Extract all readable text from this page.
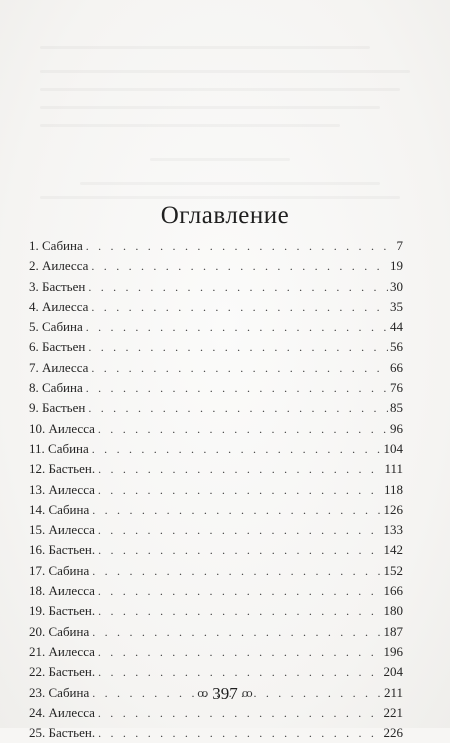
Оглавление
1. Сабина . . .	7
2. Аилесса . . .	19
3. Бастьен . . .	30
4. Аилесса . . .	35
5. Сабина . . .	44
6. Бастьен . . .	56
7. Аилесса . . .	66
8. Сабина . . .	76
9. Бастьен . . .	85
10. Аилесса . . .	96
11. Сабина . . .	104
12. Бастьен. . . .	111
13. Аилесса . . .	118
14. Сабина . . .	126
15. Аилесса . . .	133
16. Бастьен. . . .	142
17. Сабина . . .	152
18. Аилесса . . .	166
19. Бастьен. . . .	180
20. Сабина . . .	187
21. Аилесса . . .	196
22. Бастьен. . . .	204
23. Сабина . . .	211
24. Аилесса . . .	221
25. Бастьен. . . .	226
ꝏ 397 ꝏ
